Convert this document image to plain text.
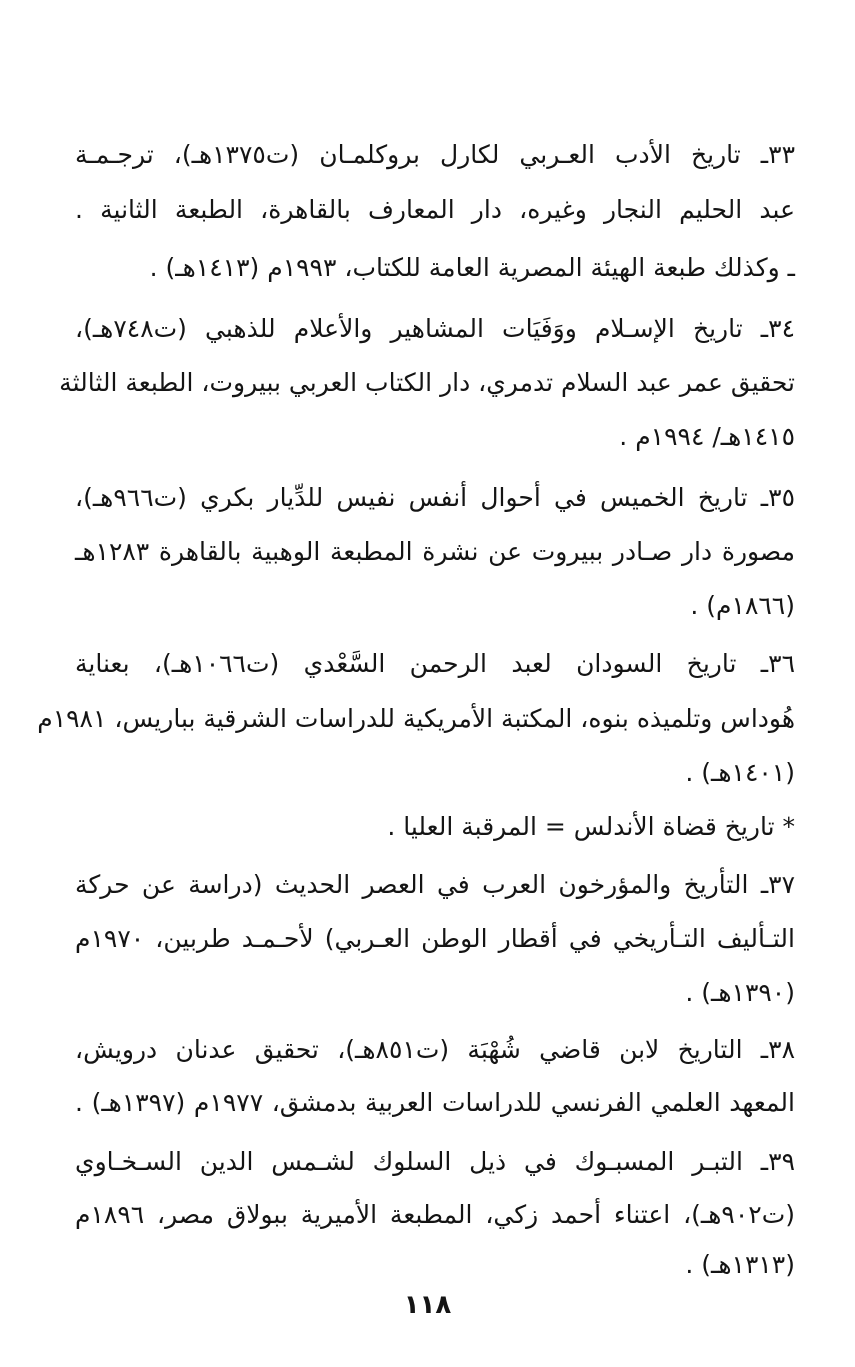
٣٣ـ تاريخ الأدب العـربي لكارل بروكلمـان (ت١٣٧٥هـ)، ترجـمـة
عبد الحليم النجار وغيره، دار المعارف بالقاهرة، الطبعة الثانية .
ـ وكذلك طبعة الهيئة المصرية العامة للكتاب، ١٩٩٣م (١٤١٣هـ) .
٣٤ـ تاريخ الإسـلام ووَفَيَات المشاهير والأعلام للذهبي (ت٧٤٨هـ)،
تحقيق عمر عبد السلام تدمري، دار الكتاب العربي ببيروت، الطبعة الثالثة
١٤١٥هـ/ ١٩٩٤م .
٣٥ـ تاريخ الخميس في أحوال أنفس نفيس للدِّيار بكري (ت٩٦٦هـ)،
مصورة دار صـادر ببيروت عن نشرة المطبعة الوهبية بالقاهرة ١٢٨٣هـ
(١٨٦٦م) .
٣٦ـ تاريخ السودان لعبد الرحمن السَّعْدي (ت١٠٦٦هـ)، بعناية
هُوداس وتلميذه بنوه، المكتبة الأمريكية للدراسات الشرقية بباريس، ١٩٨١م
(١٤٠١هـ) .
* تاريخ قضاة الأندلس = المرقبة العليا .
٣٧ـ التأريخ والمؤرخون العرب في العصر الحديث (دراسة عن حركة
التـأليف التـأريخي في أقطار الوطن العـربي) لأحـمـد طربين، ١٩٧٠م
(١٣٩٠هـ) .
٣٨ـ التاريخ لابن قاضي شُهْبَة (ت٨٥١هـ)، تحقيق عدنان درويش،
المعهد العلمي الفرنسي للدراسات العربية بدمشق، ١٩٧٧م (١٣٩٧هـ) .
٣٩ـ التبـر المسبـوك في ذيل السلوك لشـمس الدين السـخـاوي
(ت٩٠٢هـ)، اعتناء أحمد زكي، المطبعة الأميرية ببولاق مصر، ١٨٩٦م
(١٣١٣هـ) .
١١٨
